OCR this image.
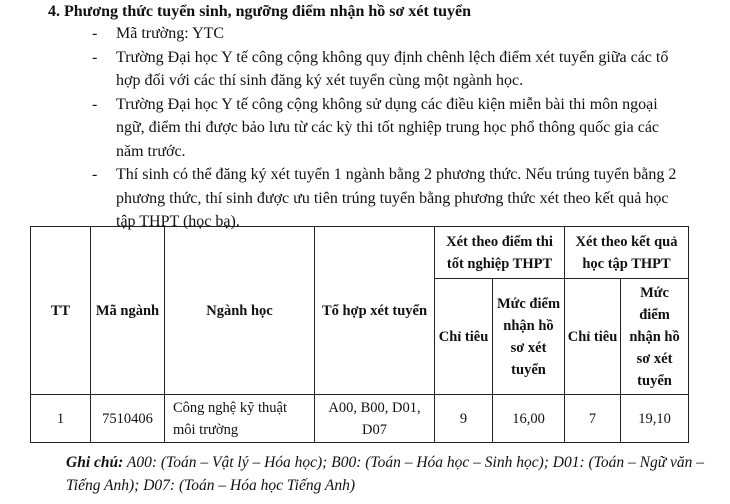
4. Phương thức tuyển sinh, ngưỡng điểm nhận hồ sơ xét tuyển
- Mã trường: YTC
- Trường Đại học Y tế công cộng không quy định chênh lệch điểm xét tuyển giữa các tổ hợp đối với các thí sinh đăng ký xét tuyển cùng một ngành học.
- Trường Đại học Y tế công cộng không sử dụng các điều kiện miễn bài thi môn ngoại ngữ, điểm thi được bảo lưu từ các kỳ thi tốt nghiệp trung học phổ thông quốc gia các năm trước.
- Thí sinh có thể đăng ký xét tuyển 1 ngành bằng 2 phương thức. Nếu trúng tuyển bằng 2 phương thức, thí sinh được ưu tiên trúng tuyển bằng phương thức xét theo kết quả học tập THPT (học bạ).
TT	Mã ngành	Ngành học	Tổ hợp xét tuyển	Xét theo điểm thi tốt nghiệp THPT		Xét theo kết quả học tập THPT	
				Chỉ tiêu	Mức điểm nhận hồ sơ xét tuyển	Chỉ tiêu	Mức điểm nhận hồ sơ xét tuyển
1	7510406	Công nghệ kỹ thuật môi trường	A00, B00, D01, D07	9	16,00	7	19,10
Ghi chú: A00: (Toán – Vật lý – Hóa học); B00: (Toán – Hóa học – Sinh học); D01: (Toán – Ngữ văn – Tiếng Anh); D07: (Toán – Hóa học Tiếng Anh)
